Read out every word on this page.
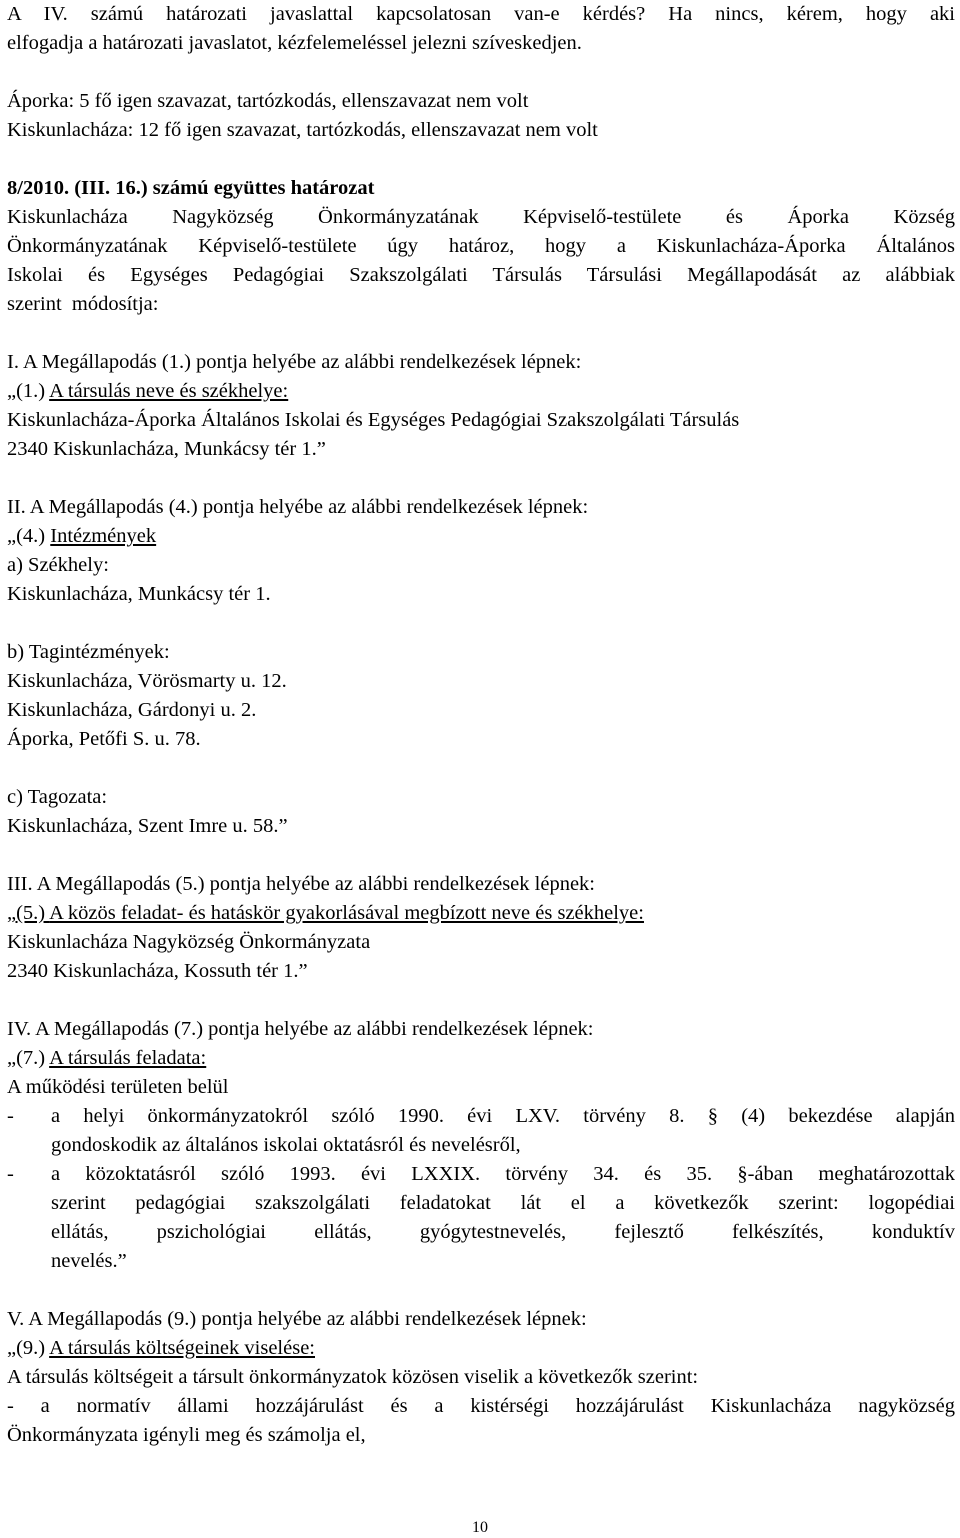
A IV. számú határozati javaslattal kapcsolatosan van-e kérdés? Ha nincs, kérem, hogy aki
elfogadja a határozati javaslatot, kézfelemeléssel jelezni szíveskedjen.
Áporka: 5 fő igen szavazat, tartózkodás, ellenszavazat nem volt
Kiskunlacháza: 12 fő igen szavazat, tartózkodás, ellenszavazat nem volt
8/2010. (III. 16.) számú együttes határozat
Kiskunlacháza Nagyközség Önkormányzatának Képviselő-testülete és Áporka Község
Önkormányzatának Képviselő-testülete úgy határoz, hogy a Kiskunlacháza-Áporka Általános
Iskolai és Egységes Pedagógiai Szakszolgálati Társulás Társulási Megállapodását az alábbiak
szerint  módosítja:
I. A Megállapodás (1.) pontja helyébe az alábbi rendelkezések lépnek:
„(1.) A társulás neve és székhelye:
Kiskunlacháza-Áporka Általános Iskolai és Egységes Pedagógiai Szakszolgálati Társulás
2340 Kiskunlacháza, Munkácsy tér 1.”
II. A Megállapodás (4.) pontja helyébe az alábbi rendelkezések lépnek:
„(4.) Intézmények
a) Székhely:
Kiskunlacháza, Munkácsy tér 1.
b) Tagintézmények:
Kiskunlacháza, Vörösmarty u. 12.
Kiskunlacháza, Gárdonyi u. 2.
Áporka, Petőfi S. u. 78.
c) Tagozata:
Kiskunlacháza, Szent Imre u. 58.”
III. A Megállapodás (5.) pontja helyébe az alábbi rendelkezések lépnek:
„(5.) A közös feladat- és hatáskör gyakorlásával megbízott neve és székhelye:
Kiskunlacháza Nagyközség Önkormányzata
2340 Kiskunlacháza, Kossuth tér 1.”
IV. A Megállapodás (7.) pontja helyébe az alábbi rendelkezések lépnek:
„(7.) A társulás feladata:
A működési területen belül
- a helyi önkormányzatokról szóló 1990. évi LXV. törvény 8. § (4) bekezdése alapján
gondoskodik az általános iskolai oktatásról és nevelésről,
- a közoktatásról szóló 1993. évi LXXIX. törvény 34. és 35. §-ában meghatározottak
szerint pedagógiai szakszolgálati feladatokat lát el a következők szerint: logopédiai
ellátás, pszichológiai ellátás, gyógytestnevelés, fejlesztő felkészítés, konduktív
nevelés.”
V. A Megállapodás (9.) pontja helyébe az alábbi rendelkezések lépnek:
„(9.) A társulás költségeinek viselése:
A társulás költségeit a társult önkormányzatok közösen viselik a következők szerint:
- a normatív állami hozzájárulást és a kistérségi hozzájárulást Kiskunlacháza nagyközség
Önkormányzata igényli meg és számolja el,
10
